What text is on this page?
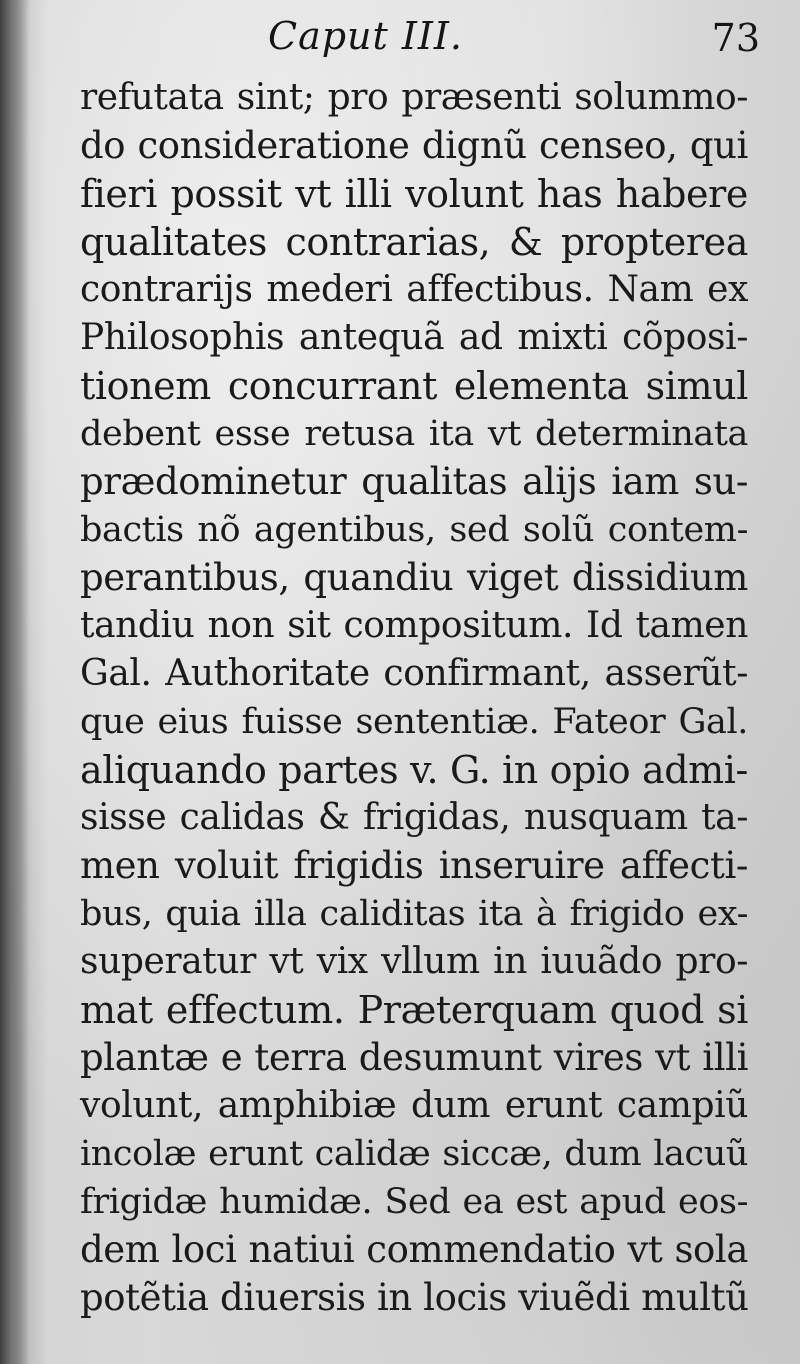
Caput III.	73
refutata sint; pro præsenti solummo-
do consideratione dignũ censeo, qui
fieri possit vt illi volunt has habere
qualitates contrarias, & propterea
contrarijs mederi affectibus. Nam ex
Philosophis antequã ad mixti cõposi-
tionem concurrant elementa simul
debent esse retusa ita vt determinata
prædominetur qualitas alijs iam su-
bactis nõ agentibus, sed solũ contem-
perantibus, quandiu viget dissidium
tandiu non sit compositum. Id tamen
Gal. Authoritate confirmant, asserũt-
que eius fuisse sententiæ. Fateor Gal.
aliquando partes v. G. in opio admi-
sisse calidas & frigidas, nusquam ta-
men voluit frigidis inseruire affecti-
bus, quia illa caliditas ita à frigido ex-
superatur vt vix vllum in iuuãdo pro-
mat effectum. Præterquam quod si
plantæ e terra desumunt vires vt illi
volunt, amphibiæ dum erunt campiũ
incolæ erunt calidæ siccæ, dum lacuũ
frigidæ humidæ. Sed ea est apud eos-
dem loci natiui commendatio vt sola
potẽtia diuersis in locis viuẽdi multũ
